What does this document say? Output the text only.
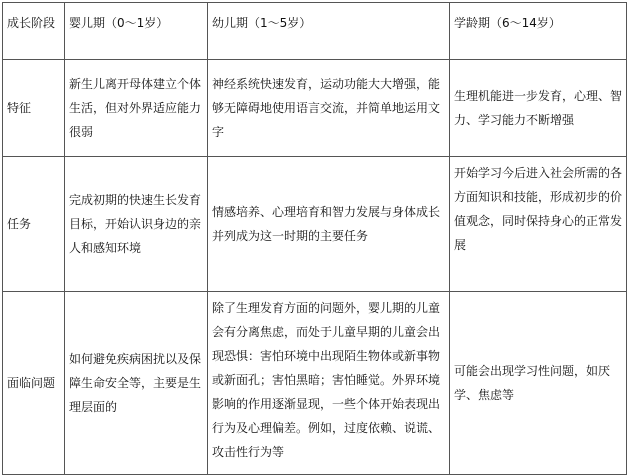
成长阶段	婴儿期（0～1岁）	幼儿期（1～5岁）	学龄期（6～14岁）
特征	新生儿离开母体建立个体生活，但对外界适应能力很弱	神经系统快速发育，运动功能大大增强，能够无障碍地使用语言交流，并简单地运用文字	生理机能进一步发育，心理、智力、学习能力不断增强
任务	完成初期的快速生长发育目标，开始认识身边的亲人和感知环境	情感培养、心理培育和智力发展与身体成长并列成为这一时期的主要任务	开始学习今后进入社会所需的各方面知识和技能，形成初步的价值观念，同时保持身心的正常发展
面临问题	如何避免疾病困扰以及保障生命安全等，主要是生理层面的	除了生理发育方面的问题外，婴儿期的儿童会有分离焦虑，而处于儿童早期的儿童会出现恐惧：害怕环境中出现陌生物体或新事物或新面孔；害怕黑暗；害怕睡觉。外界环境影响的作用逐渐显现，一些个体开始表现出行为及心理偏差。例如，过度依赖、说谎、攻击性行为等	可能会出现学习性问题，如厌学、焦虑等
